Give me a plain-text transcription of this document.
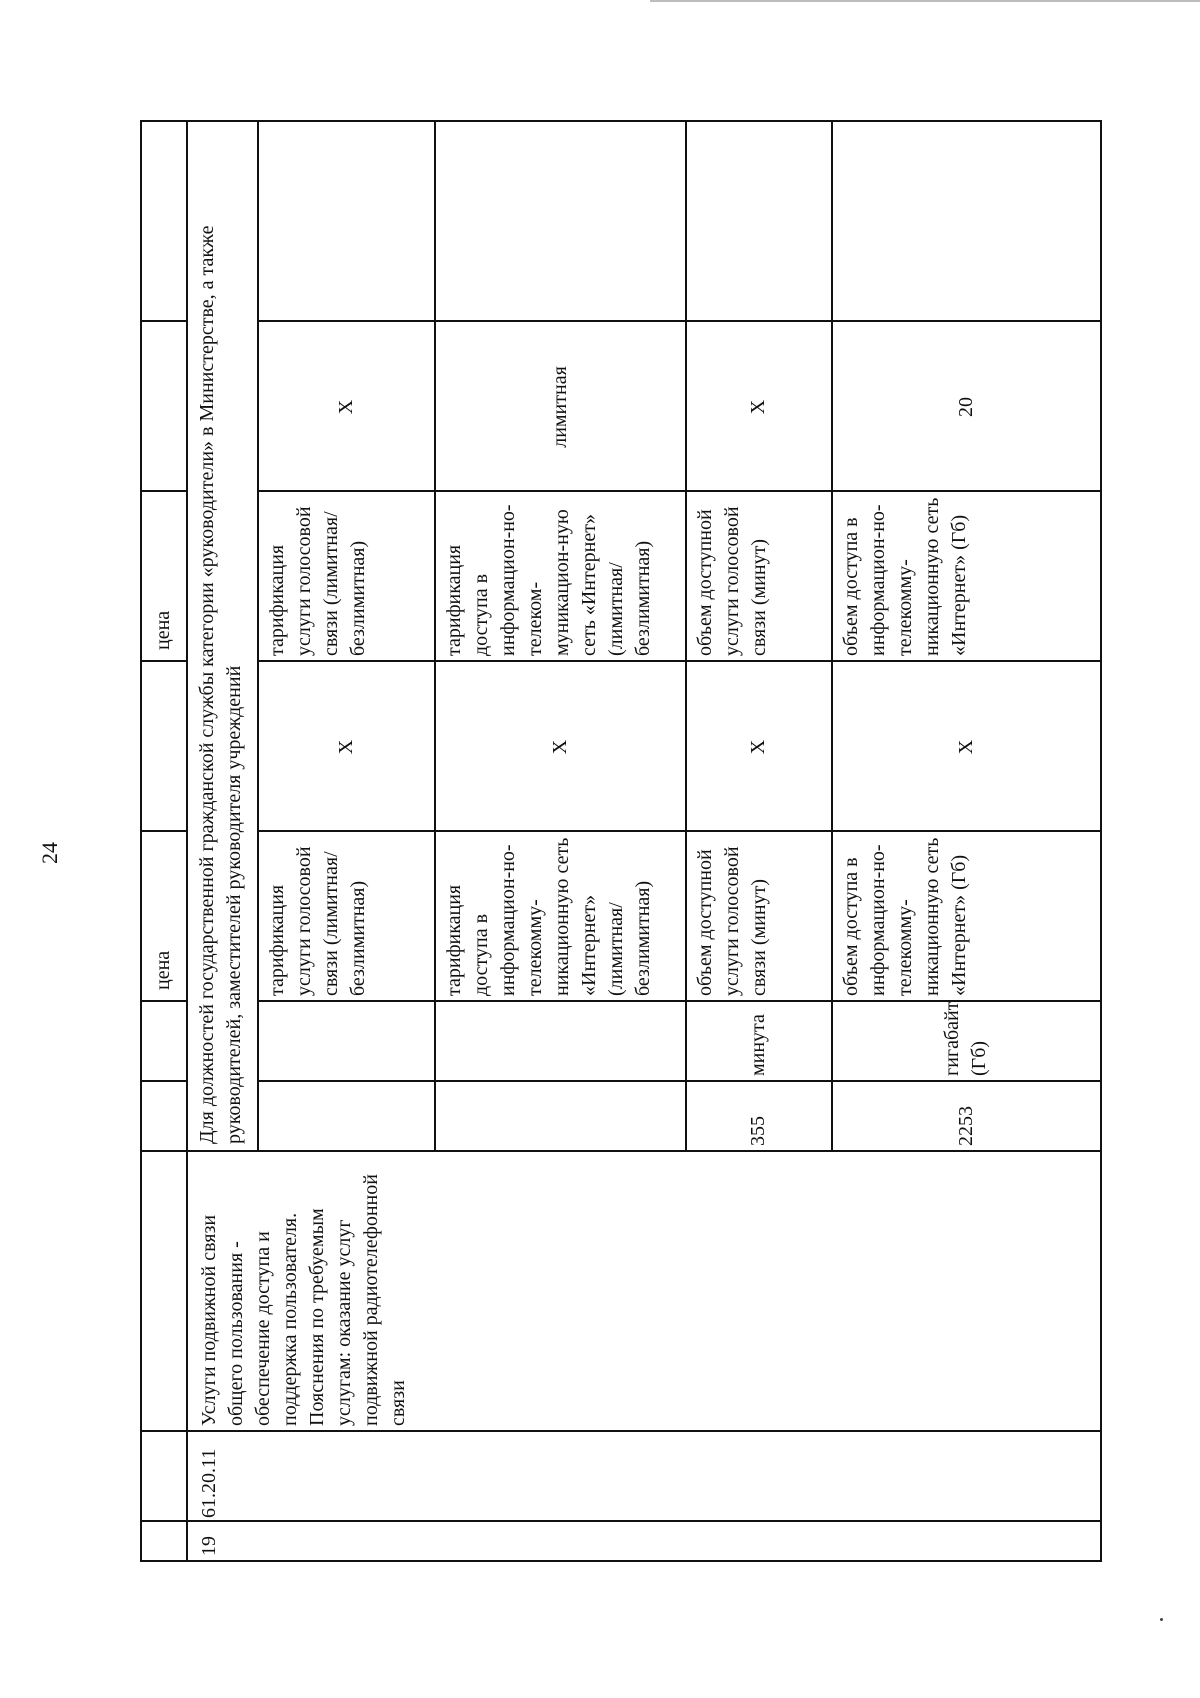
24
цена
цена
19
61.20.11
Услуги подвижной связи общего пользования - обеспечение доступа и поддержка пользователя. Пояснения по требуемым услугам: оказание услуг подвижной радиотелефонной связи
Для должностей государственной гражданской службы категории «руководители» в Министерстве, а также руководителей, заместителей руководителя учреждений тарификация услуги голосовой связи (лимитная/ безлимитная)
X
тарификация услуги голосовой связи (лимитная/ безлимитная)
X
тарификация доступа в информацион-но-телекомму-никационную сеть «Интернет» (лимитная/ безлимитная)
X
тарификация доступа в информацион-но-телеком-муникацион-ную сеть «Интернет» (лимитная/ безлимитная)
лимитная
355
минута
объем доступной услуги голосовой связи (минут)
X
объем доступной услуги голосовой связи (минут)
X
2253
гигабайт (Гб)
объем доступа в информацион-но-телекомму-никационную сеть «Интернет» (Гб)
X
объем доступа в информацион-но-телекомму-никационную сеть «Интернет» (Гб)
20
